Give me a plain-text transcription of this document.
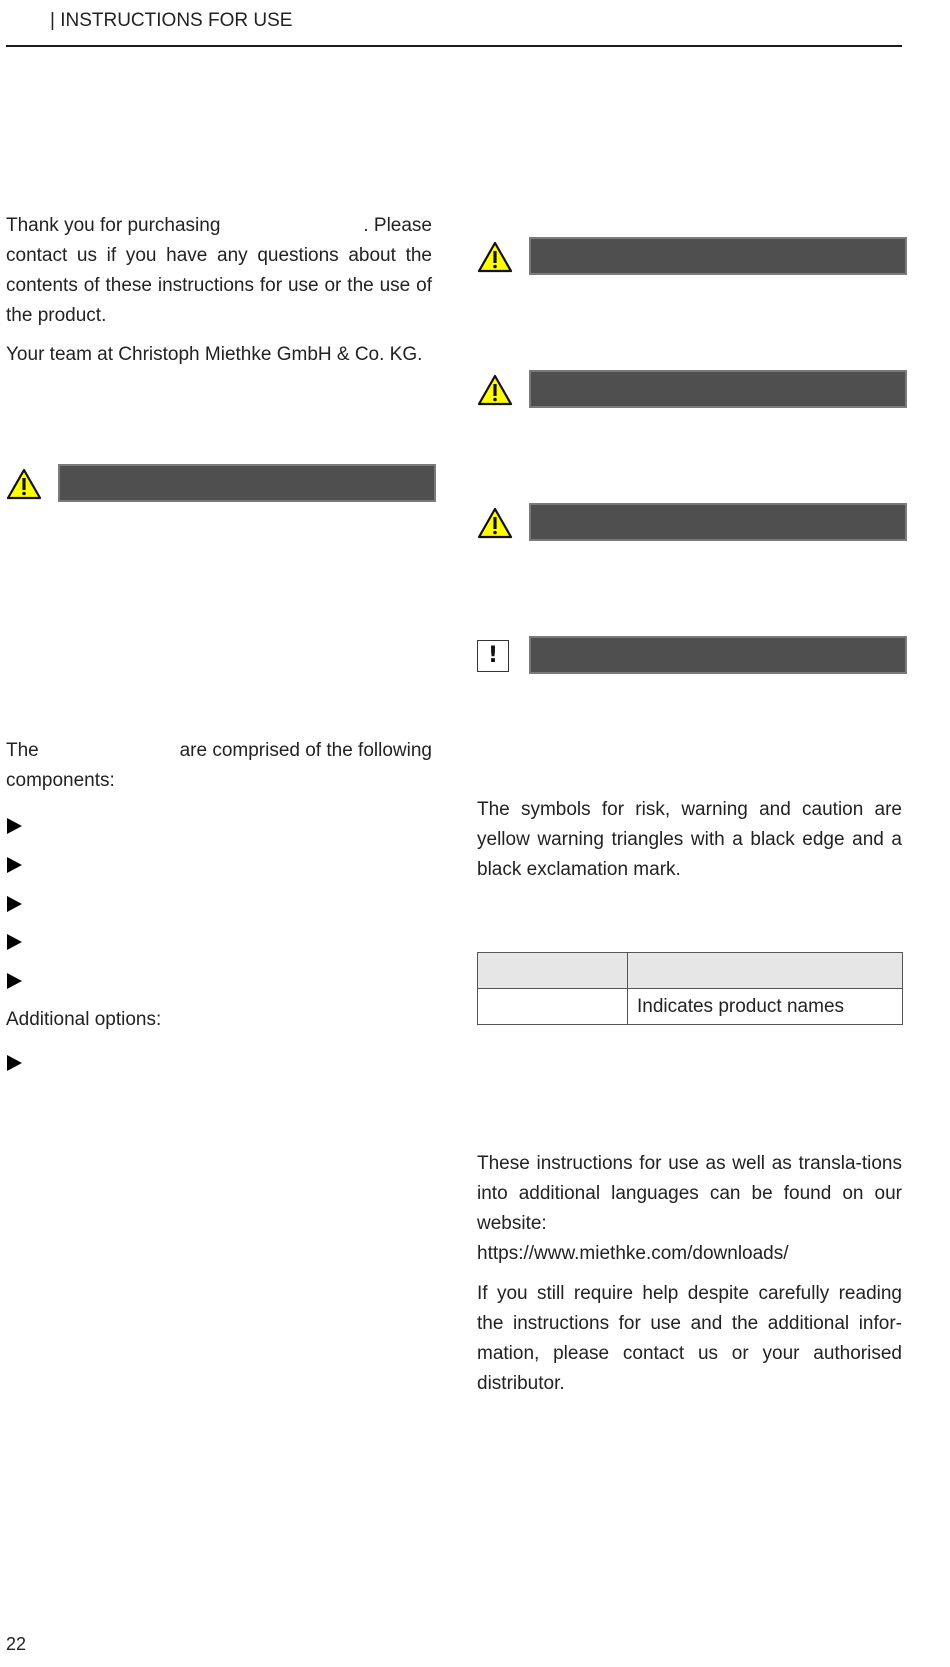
| INSTRUCTIONS FOR USE
Thank you for purchasing	. Please
contact us if you have any questions about the contents of these instructions for use or the use of the product.

Your team at Christoph Miethke GmbH & Co. KG.

The	are comprised of the following
components:

Additional options:

!

The symbols for risk, warning and caution are yellow warning triangles with a black edge and a black exclamation mark.

	Indicates product names
These instructions for use as well as transla-tions into additional languages can be found on our website:
https://www.miethke.com/downloads/

If you still require help despite carefully reading the instructions for use and the additional infor-mation, please contact us or your authorised distributor.

22
